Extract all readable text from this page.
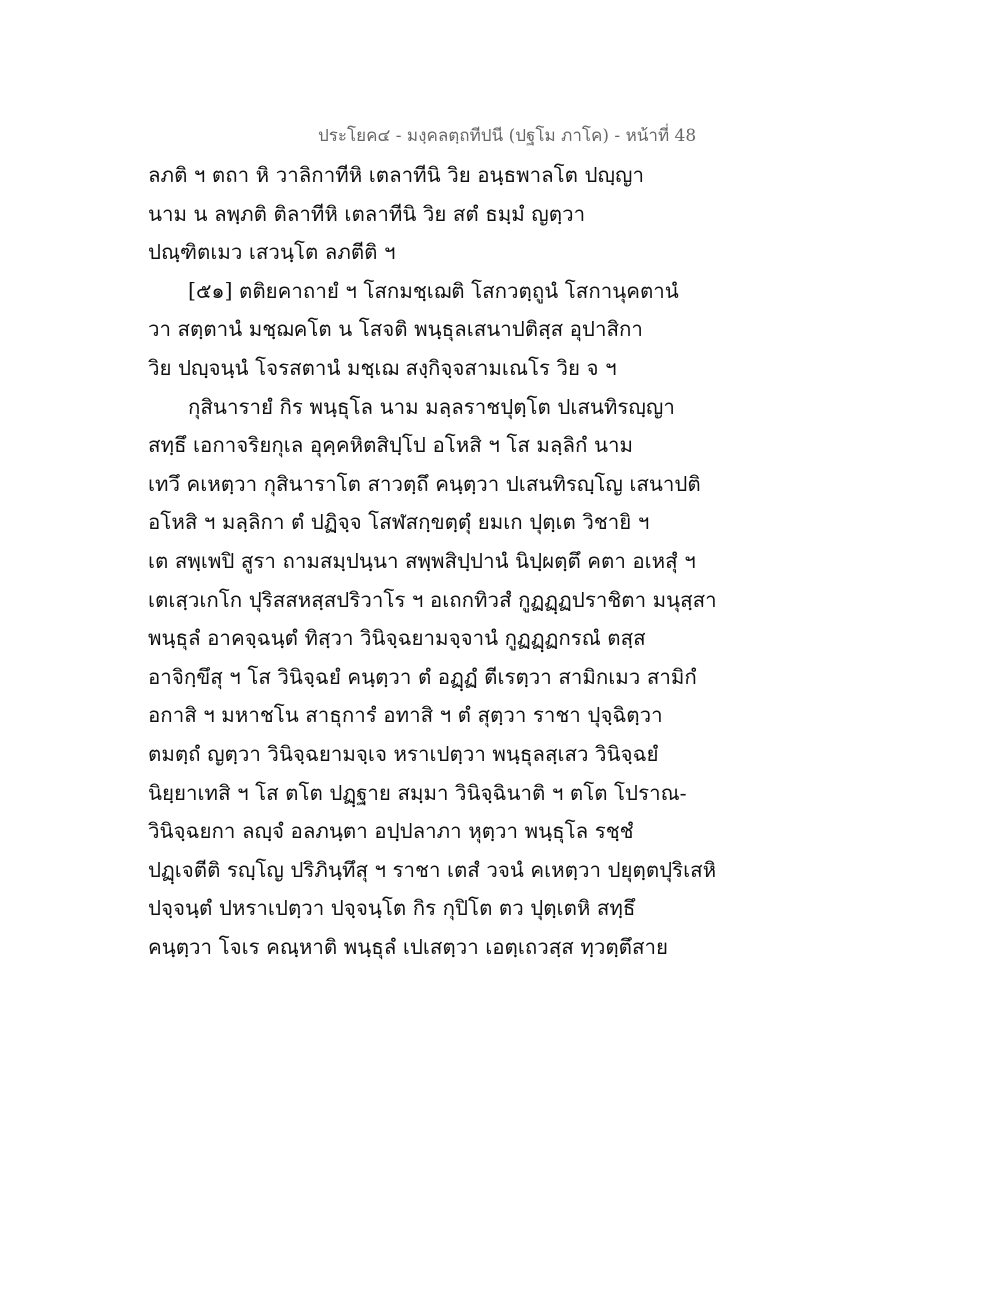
ประโยค๔ - มงฺคลตฺถทีปนี (ปฐโม ภาโค) - หน้าที่ 48
ลภติ ฯ ตถา หิ วาลิกาทีหิ เตลาทีนิ วิย อนฺธพาลโต ปญฺญา
นาม น ลพฺภติ ติลาทีหิ เตลาทีนิ วิย สตํ ธมฺมํ ญตฺวา
ปณฺฑิตเมว เสวนฺโต ลภตีติ ฯ
[๕๑] ตติยคาถายํ ฯ โสกมชฺเฌติ โสกวตฺถูนํ โสกานุคตานํ
วา สตฺตานํ มชฺฌคโต น โสจติ พนฺธุลเสนาปติสฺส อุปาสิกา
วิย ปญฺจนฺนํ โจรสตานํ มชฺเฌ สงฺกิจฺจสามเณโร วิย จ ฯ
กุสินารายํ กิร พนฺธุโล นาม มลฺลราชปุตฺโต ปเสนทิรญฺญา
สทฺธึ เอกาจริยกุเล อุคฺคหิตสิปฺโป อโหสิ ฯ โส มลฺลิกํ นาม
เทวึ คเหตฺวา กุสินาราโต สาวตฺถึ คนฺตฺวา ปเสนทิรญฺโญ เสนาปติ
อโหสิ ฯ มลฺลิกา ตํ ปฏิจฺจ โสฬสกฺขตฺตุํ ยมเก ปุตฺเต วิชายิ ฯ
เต สพฺเพปิ สูรา ถามสมฺปนฺนา สพฺพสิปฺปานํ นิปฺผตฺตึ คตา อเหสุํ ฯ
เตเสฺวเกโก ปุริสสหสฺสปริวาโร ฯ อเถกทิวสํ กูฏฏฺฏปราชิตา มนุสฺสา
พนฺธุลํ อาคจฺฉนฺตํ ทิสฺวา วินิจฺฉยามจฺจานํ กูฏฏฺฏกรณํ ตสฺส
อาจิกฺขึสุ ฯ โส วินิจฺฉยํ คนฺตฺวา ตํ อฏฺฏํ ตีเรตฺวา สามิกเมว สามิกํ
อกาสิ ฯ มหาชโน สาธุการํ อทาสิ ฯ ตํ สุตฺวา ราชา ปุจฺฉิตฺวา
ตมตฺถํ ญตฺวา วินิจฺฉยามจฺเจ หราเปตฺวา พนฺธุลสฺเสว วินิจฺฉยํ
นิยฺยาเทสิ ฯ โส ตโต ปฏฺฐาย สมฺมา วินิจฺฉินาติ ฯ ตโต โปราณ-
วินิจฺฉยกา ลญฺจํ อลภนฺตา อปฺปลาภา หุตฺวา พนฺธุโล รชฺชํ
ปฏฺเจตีติ รญฺโญ ปริภินฺทึสุ ฯ ราชา เตสํ วจนํ คเหตฺวา ปยุตฺตปุริเสหิ
ปจฺจนฺตํ ปหราเปตฺวา ปจฺจนฺโต กิร กุปิโต ตว ปุตฺเตหิ สทฺธึ
คนฺตฺวา โจเร คณฺหาติ พนฺธุลํ เปเสตฺวา เอตฺเถวสฺส ทฺวตฺตึสาย
